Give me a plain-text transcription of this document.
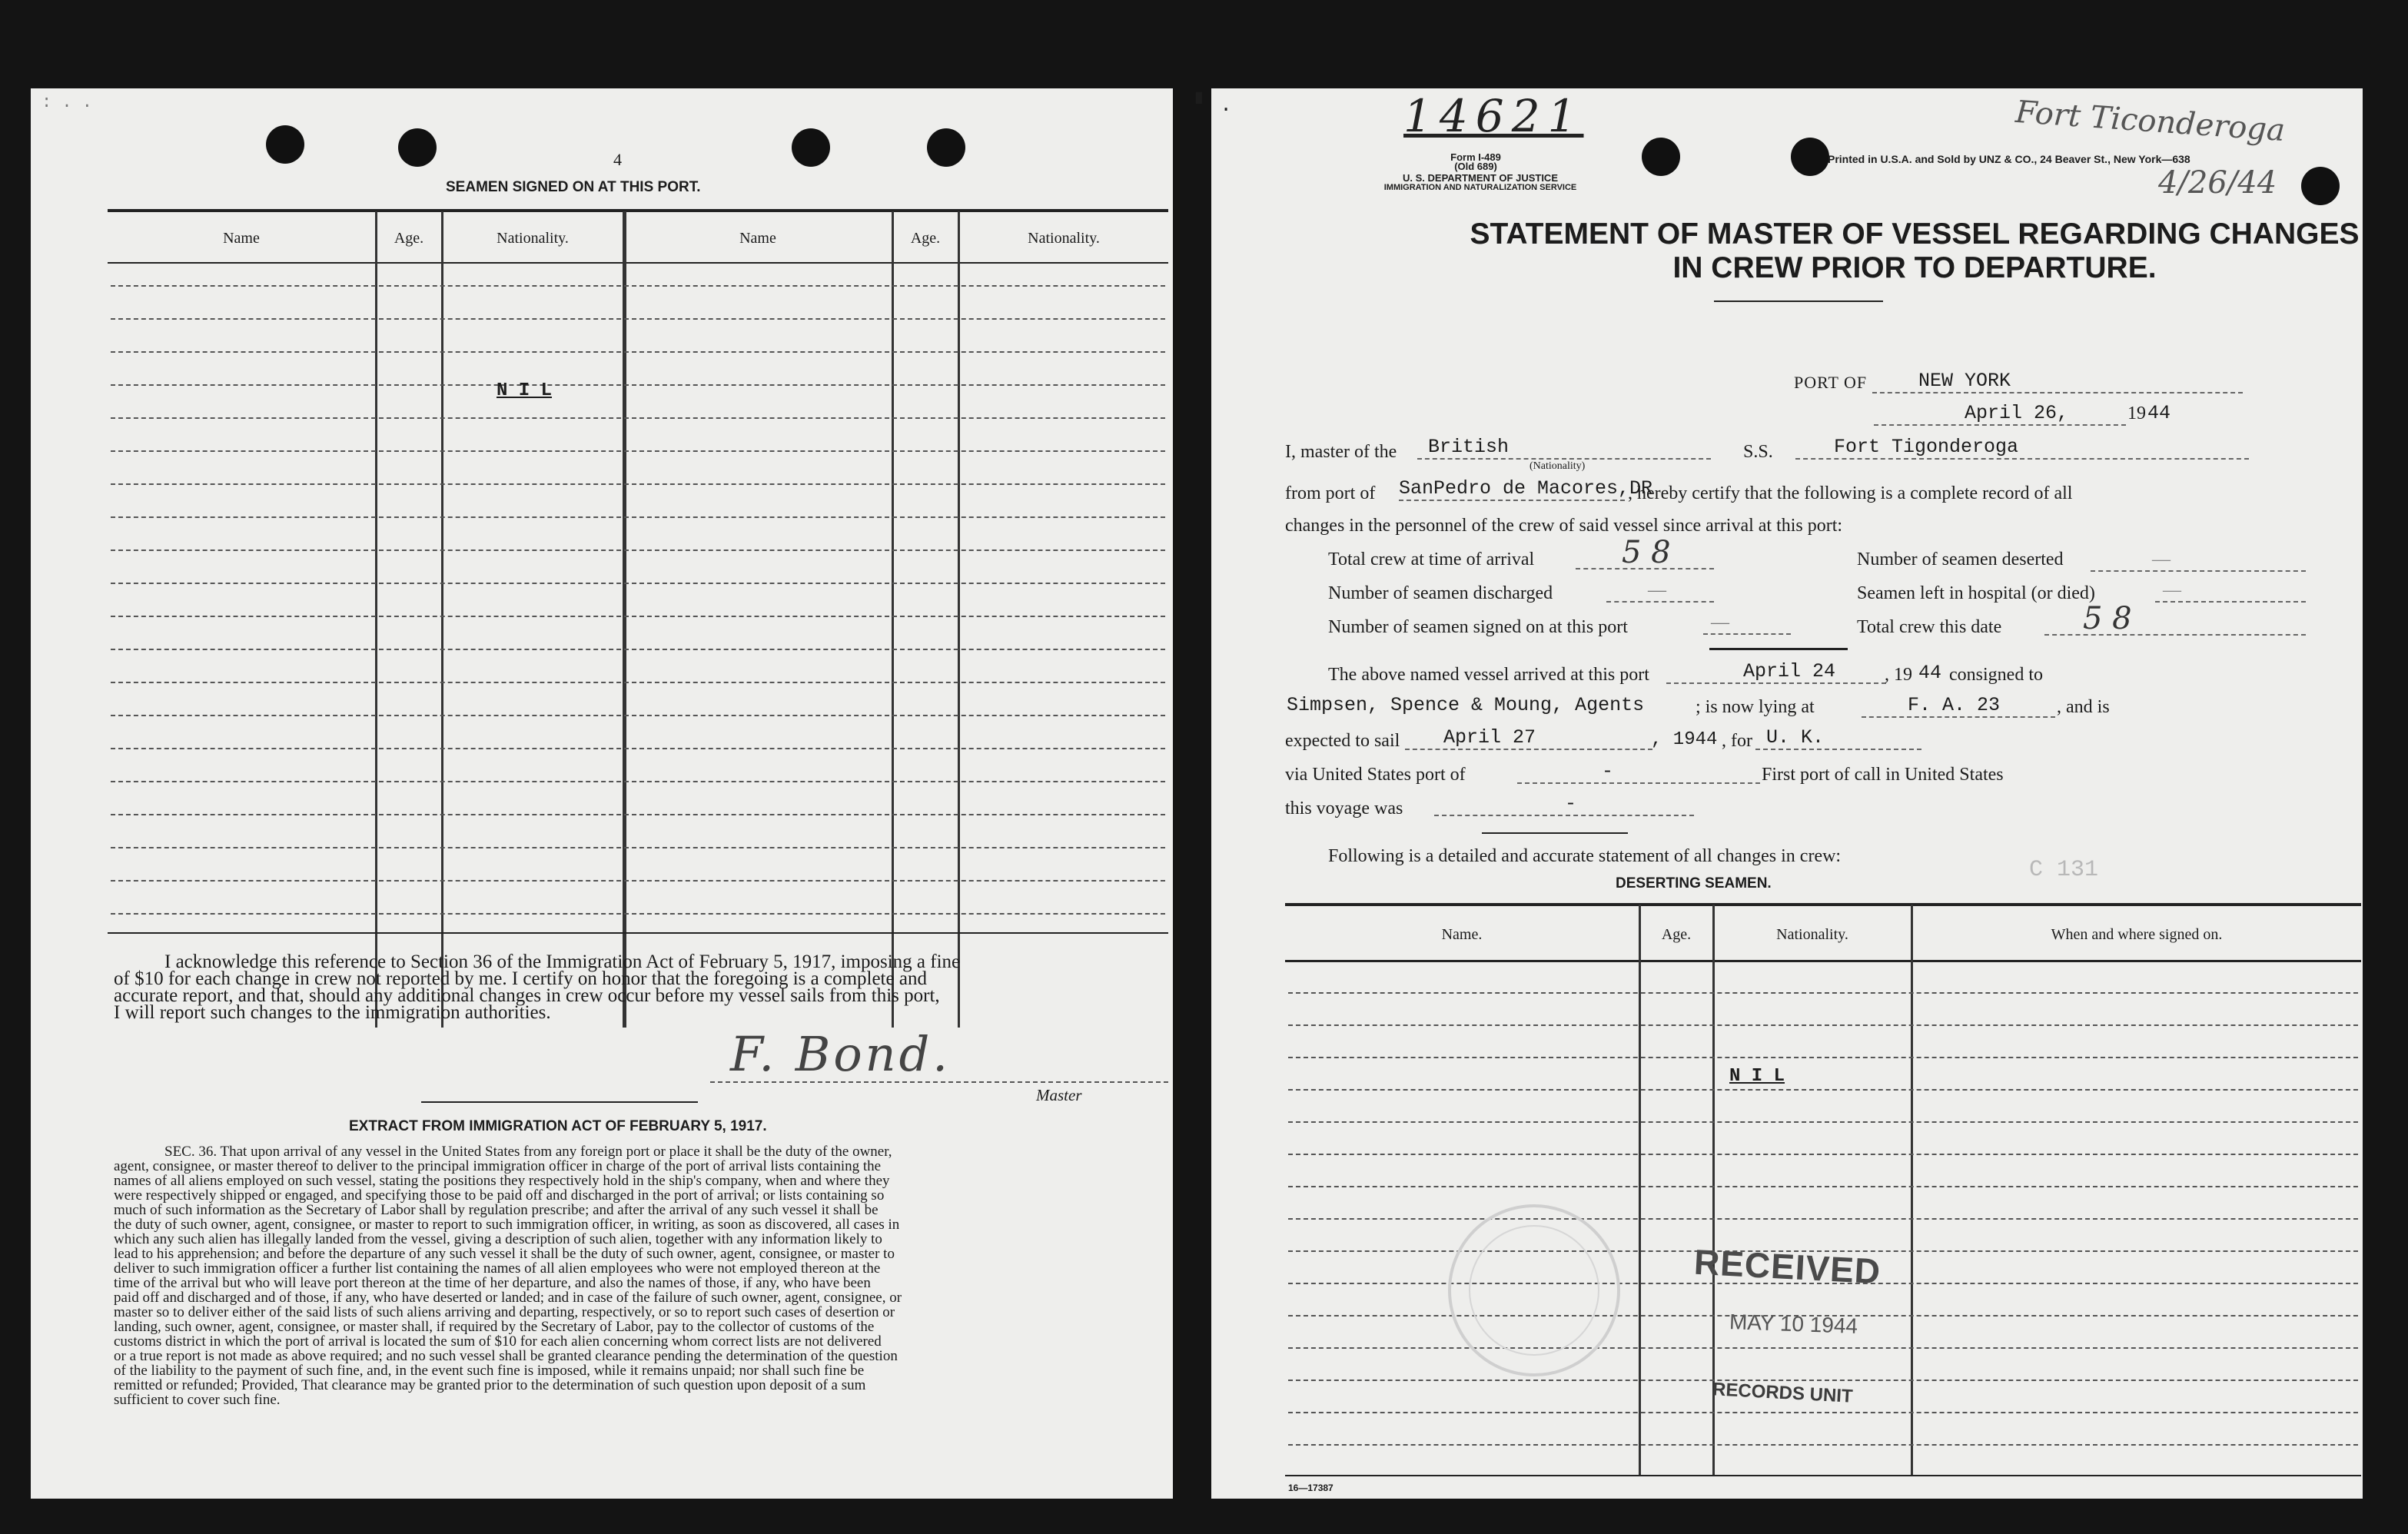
: . .
4
SEAMEN SIGNED ON AT THIS PORT.
Name	Age.	Nationality.	Name	Age.	Nationality.
N I L
I acknowledge this reference to Section 36 of the Immigration Act of February 5, 1917, imposing a fine
of $10 for each change in crew not reported by me. I certify on honor that the foregoing is a complete and
accurate report, and that, should any additional changes in crew occur before my vessel sails from this port,
I will report such changes to the immigration authorities.
F. Bond.
Master
EXTRACT FROM IMMIGRATION ACT OF FEBRUARY 5, 1917.
SEC. 36. That upon arrival of any vessel in the United States from any foreign port or place it shall be the duty of the owner,
agent, consignee, or master thereof to deliver to the principal immigration officer in charge of the port of arrival lists containing the
names of all aliens employed on such vessel, stating the positions they respectively hold in the ship's company, when and where they
were respectively shipped or engaged, and specifying those to be paid off and discharged in the port of arrival; or lists containing so
much of such information as the Secretary of Labor shall by regulation prescribe; and after the arrival of any such vessel it shall be
the duty of such owner, agent, consignee, or master to report to such immigration officer, in writing, as soon as discovered, all cases in
which any such alien has illegally landed from the vessel, giving a description of such alien, together with any information likely to
lead to his apprehension; and before the departure of any such vessel it shall be the duty of such owner, agent, consignee, or master to
deliver to such immigration officer a further list containing the names of all alien employees who were not employed thereon at the
time of the arrival but who will leave port thereon at the time of her departure, and also the names of those, if any, who have been
paid off and discharged and of those, if any, who have deserted or landed; and in case of the failure of such owner, agent, consignee, or
master so to deliver either of the said lists of such aliens arriving and departing, respectively, or so to report such cases of desertion or
landing, such owner, agent, consignee, or master shall, if required by the Secretary of Labor, pay to the collector of customs of the
customs district in which the port of arrival is located the sum of $10 for each alien concerning whom correct lists are not delivered
or a true report is not made as above required; and no such vessel shall be granted clearance pending the determination of the question
of the liability to the payment of such fine, and, in the event such fine is imposed, while it remains unpaid; nor shall such fine be
remitted or refunded; Provided, That clearance may be granted prior to the determination of such question upon deposit of a sum
sufficient to cover such fine.
▘ .	14621	Fort Ticonderoga
4/26/44
Form I-489
(Old 689)
U. S. DEPARTMENT OF JUSTICE
IMMIGRATION AND NATURALIZATION SERVICE
Printed in U.S.A. and Sold by UNZ & CO., 24 Beaver St., New York—638
STATEMENT OF MASTER OF VESSEL REGARDING CHANGES
IN CREW PRIOR TO DEPARTURE.
PORT OF	NEW YORK
April 26,	19 44
I, master of the	British
(Nationality)
S.S.	Fort Tigonderoga
from port of SanPedro de Macores,DR
, hereby certify that the following is a complete record of all
changes in the personnel of the crew of said vessel since arrival at this port:
Total crew at time of arrival	5 8	Number of seamen deserted	—
Number of seamen discharged	—	Seamen left in hospital (or died)	—
Number of seamen signed on at this port	—	Total crew this date	5 8
The above named vessel arrived at this port	April 24	, 19 44 consigned to
Simpsen, Spence & Moung, Agents	; is now lying at	F. A. 23	, and is
expected to sail	April 27	, 1944 , for U. K.
via United States port of	-	First port of call in United States
this voyage was	-
Following is a detailed and accurate statement of all changes in crew:
DESERTING SEAMEN.
C 131
Name.	Age.	Nationality.	When and where signed on.
N I L
RECEIVED
MAY 10 1944
RECORDS UNIT
16—17387
